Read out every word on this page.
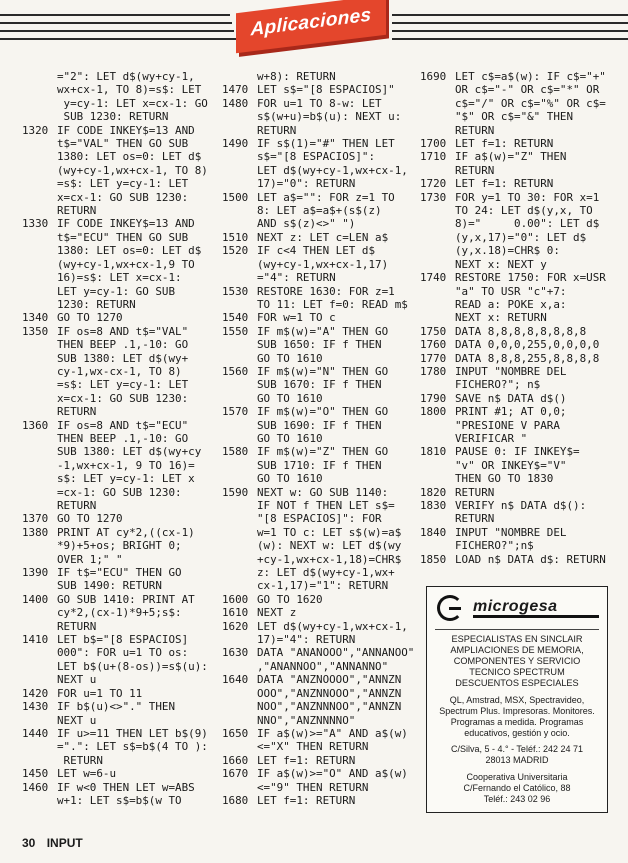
Aplicaciones
="2": LET d$(wy+cy-1,
wx+cx-1, TO 8)=s$: LET
y=cy-1: LET x=cx-1: GO
SUB 1230: RETURN
1320 IF CODE INKEY$=13 AND
t$="VAL" THEN GO SUB
1380: LET os=0: LET d$
(wy+cy-1,wx+cx-1, TO 8)
=s$: LET y=cy-1: LET
x=cx-1: GO SUB 1230:
RETURN
1330 IF CODE INKEY$=13 AND
t$="ECU" THEN GO SUB
1380: LET os=0: LET d$
(wy+cy-1,wx+cx-1,9 TO
16)=s$: LET x=cx-1:
LET y=cy-1: GO SUB
1230: RETURN
1340 GO TO 1270
1350 IF os=8 AND t$="VAL"
THEN BEEP .1,-10: GO
SUB 1380: LET d$(wy+
cy-1,wx-cx-1, TO 8)
=s$: LET y=cy-1: LET
x=cx-1: GO SUB 1230:
RETURN
1360 IF os=8 AND t$="ECU"
THEN BEEP .1,-10: GO
SUB 1380: LET d$(wy+cy
-1,wx+cx-1, 9 TO 16)=
s$: LET y=cy-1: LET x
=cx-1: GO SUB 1230:
RETURN
1370 GO TO 1270
1380 PRINT AT cy*2,((cx-1)
*9)+5+os; BRIGHT 0;
OVER 1;" "
1390 IF t$="ECU" THEN GO
SUB 1490: RETURN
1400 GO SUB 1410: PRINT AT
cy*2,(cx-1)*9+5;s$:
RETURN
1410 LET b$="[8 ESPACIOS]
000": FOR u=1 TO os:
LET b$(u+(8-os))=s$(u):
NEXT u
1420 FOR u=1 TO 11
1430 IF b$(u)<>"." THEN
NEXT u
1440 IF u>=11 THEN LET b$(9)
=".": LET s$=b$(4 TO ):
RETURN
1450 LET w=6-u
1460 IF w<0 THEN LET w=ABS
w+1: LET s$=b$(w TO
w+8): RETURN
1470 LET s$="[8 ESPACIOS]"
1480 FOR u=1 TO 8-w: LET
s$(w+u)=b$(u): NEXT u:
RETURN
1490 IF s$(1)="#" THEN LET
s$="[8 ESPACIOS]":
LET d$(wy+cy-1,wx+cx-1,
17)="0": RETURN
1500 LET a$="": FOR z=1 TO
8: LET a$=a$+(s$(z)
AND s$(z)<>" ")
1510 NEXT z: LET c=LEN a$
1520 IF c<4 THEN LET d$
(wy+cy-1,wx+cx-1,17)
="4": RETURN
1530 RESTORE 1630: FOR z=1
TO 11: LET f=0: READ m$
1540 FOR w=1 TO c
1550 IF m$(w)="A" THEN GO
SUB 1650: IF f THEN
GO TO 1610
1560 IF m$(w)="N" THEN GO
SUB 1670: IF f THEN
GO TO 1610
1570 IF m$(w)="O" THEN GO
SUB 1690: IF f THEN
GO TO 1610
1580 IF m$(w)="Z" THEN GO
SUB 1710: IF f THEN
GO TO 1610
1590 NEXT w: GO SUB 1140:
IF NOT f THEN LET s$=
"[8 ESPACIOS]": FOR
w=1 TO c: LET s$(w)=a$
(w): NEXT w: LET d$(wy
+cy-1,wx+cx-1,18)=CHR$
z: LET d$(wy+cy-1,wx+
cx-1,17)="1": RETURN
1600 GO TO 1620
1610 NEXT z
1620 LET d$(wy+cy-1,wx+cx-1,
17)="4": RETURN
1630 DATA "ANANOOO","ANNANOO"
,"ANANNOO","ANNANNO"
1640 DATA "ANZNOOOO","ANNZN
OOO","ANZNNOOO","ANNZN
NOO","ANZNNNOO","ANNZN
NNO","ANZNNNNO"
1650 IF a$(w)>="A" AND a$(w)
<="X" THEN RETURN
1660 LET f=1: RETURN
1670 IF a$(w)>="O" AND a$(w)
<="9" THEN RETURN
1680 LET f=1: RETURN
1690 LET c$=a$(w): IF c$="+"
OR c$="-" OR c$="*" OR
c$="/" OR c$="%" OR c$=
"$" OR c$="&" THEN
RETURN
1700 LET f=1: RETURN
1710 IF a$(w)="Z" THEN
RETURN
1720 LET f=1: RETURN
1730 FOR y=1 TO 30: FOR x=1
TO 24: LET d$(y,x, TO
8)="     0.00": LET d$
(y,x,17)="0": LET d$
(y,x.18)=CHR$ 0:
NEXT x: NEXT y
1740 RESTORE 1750: FOR x=USR
"a" TO USR "c"+7:
READ a: POKE x,a:
NEXT x: RETURN
1750 DATA 8,8,8,8,8,8,8,8
1760 DATA 0,0,0,255,0,0,0,0
1770 DATA 8,8,8,255,8,8,8,8
1780 INPUT "NOMBRE DEL
FICHERO?"; n$
1790 SAVE n$ DATA d$()
1800 PRINT #1; AT 0,0;
"PRESIONE V PARA
VERIFICAR "
1810 PAUSE 0: IF INKEY$=
"v" OR INKEY$="V"
THEN GO TO 1830
1820 RETURN
1830 VERIFY n$ DATA d$():
RETURN
1840 INPUT "NOMBRE DEL
FICHERO?";n$
1850 LOAD n$ DATA d$: RETURN
microgesa
ESPECIALISTAS EN SINCLAIR
AMPLIACIONES DE MEMORIA,
COMPONENTES Y SERVICIO
TECNICO SPECTRUM
DESCUENTOS ESPECIALES
QL, Amstrad, MSX, Spectravideo,
Spectrum Plus. Impresoras. Monitores.
Programas a medida. Programas
educativos, gestión y ocio.
C/Silva, 5 - 4.° - Teléf.: 242 24 71
28013 MADRID
Cooperativa Universitaria
C/Fernando el Católico, 88
Teléf.: 243 02 96
30 INPUT
